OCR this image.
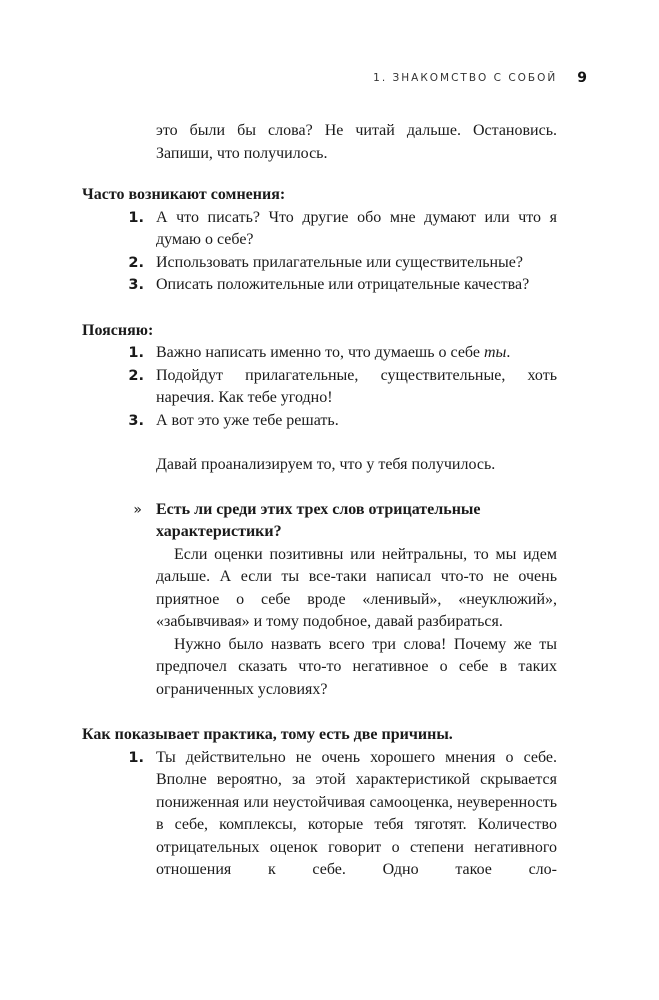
1. ЗНАКОМСТВО С СОБОЙ 9

это были бы слова? Не читай дальше. Остановись. Запиши, что получилось.

Часто возникают сомнения:

1. А что писать? Что другие обо мне думают или что я думаю о себе?
2. Использовать прилагательные или существительные?
3. Описать положительные или отрицательные качества?

Поясняю:

1. Важно написать именно то, что думаешь о себе ты.
2. Подойдут прилагательные, существительные, хоть наречия. Как тебе угодно!
3. А вот это уже тебе решать.

Давай проанализируем то, что у тебя получилось.

» Есть ли среди этих трех слов отрицательные характеристики?

Если оценки позитивны или нейтральны, то мы идем дальше. А если ты все-таки написал что-то не очень приятное о себе вроде «ленивый», «неуклюжий», «забывчивая» и тому подобное, давай разбираться.

Нужно было назвать всего три слова! Почему же ты предпочел сказать что-то негативное о себе в таких ограниченных условиях?

Как показывает практика, тому есть две причины.

1. Ты действительно не очень хорошего мнения о себе. Вполне вероятно, за этой характеристикой скрывается пониженная или неустойчивая самооценка, неуверенность в себе, комплексы, которые тебя тяготят. Количество отрицательных оценок говорит о степени негативного отношения к себе. Одно такое сло-
